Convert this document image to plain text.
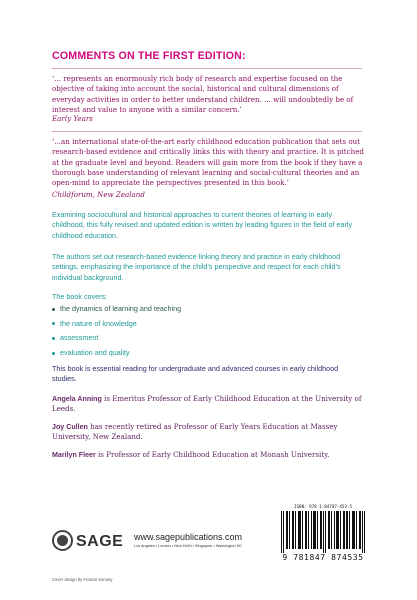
COMMENTS ON THE FIRST EDITION:

‘... represents an enormously rich body of research and expertise focused on the objective of taking into account the social, historical and cultural dimensions of everyday activities in order to better understand children. ... will undoubtedly be of interest and value to anyone with a similar concern.’

Early Years

‘...an international state-of-the-art early childhood education publication that sets out research-based evidence and critically links this with theory and practice. It is pitched at the graduate level and beyond. Readers will gain more from the book if they have a thorough base understanding of relevant learning and social-cultural theories and an open-mind to appreciate the perspectives presented in this book.’

Childforum, New Zealand

Examining sociocultural and historical approaches to current theories of learning in early childhood, this fully revised and updated edition is written by leading figures in the field of early childhood education.

The authors set out research-based evidence linking theory and practice in early childhood settings, emphasizing the importance of the child’s perspective and respect for each child’s individual background.

The book covers:

the dynamics of learning and teaching
the nature of knowledge
assessment
evaluation and quality

This book is essential reading for undergraduate and advanced courses in early childhood studies.

Angela Anning is Emeritus Professor of Early Childhood Education at the University of Leeds.

Joy Cullen has recently retired as Professor of Early Years Education at Massey University, New Zealand.

Marilyn Fleer is Professor of Early Childhood Education at Monash University.

SAGE www.sagepublications.com
Los Angeles • London • New Delhi • Singapore • Washington DC
ISBN: 978-1-84787-453-5
9 781847 874535
Cover design by Francis Kenney
